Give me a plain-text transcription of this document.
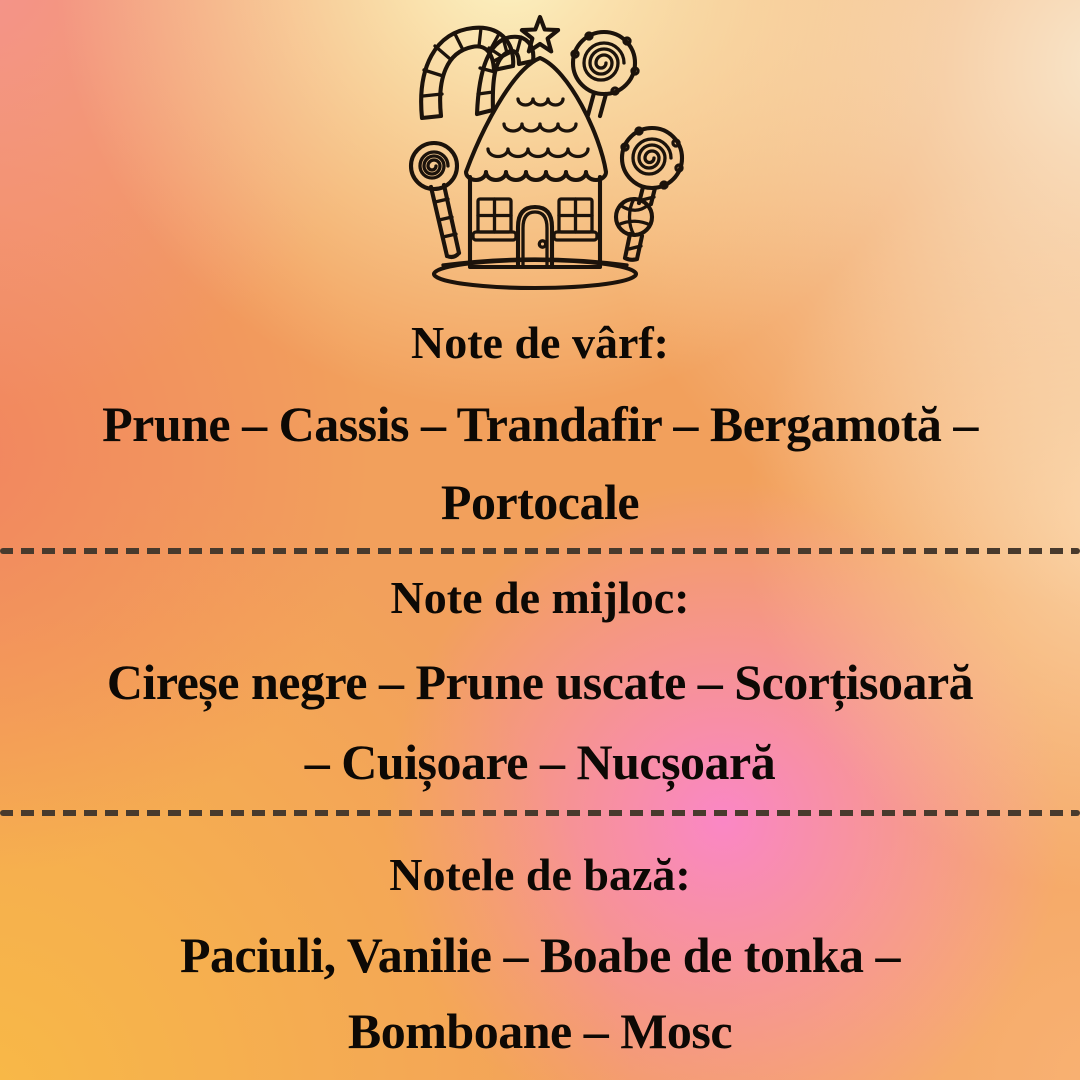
Note de vârf:
Prune – Cassis – Trandafir – Bergamotă –
Portocale
Note de mijloc:
Cireșe negre – Prune uscate – Scorțisoară
– Cuișoare – Nucșoară
Notele de bază:
Paciuli, Vanilie – Boabe de tonka –
Bomboane – Mosc
